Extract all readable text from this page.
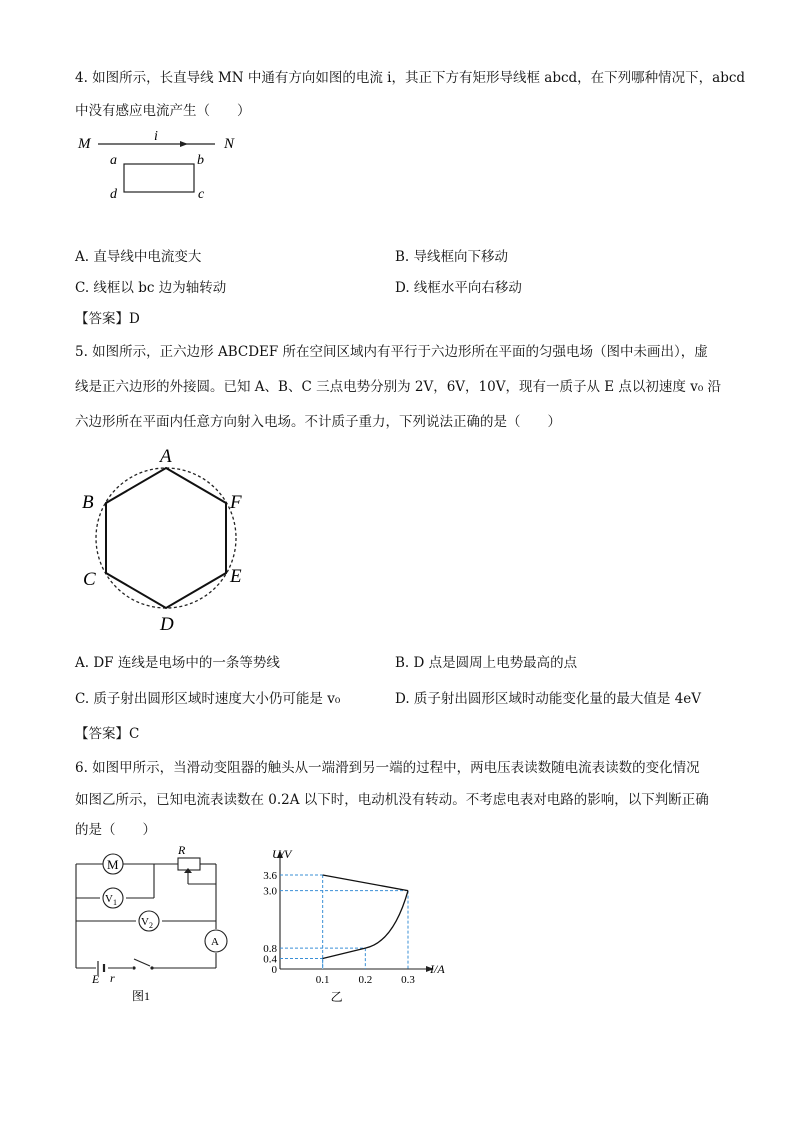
4. 如图所示，长直导线 MN 中通有方向如图的电流 i，其正下方有矩形导线框 abcd，在下列哪种情况下，abcd
中没有感应电流产生（　　）
M	i	N
a	b
d	c
A. 直导线中电流变大	B. 导线框向下移动
C. 线框以 bc 边为轴转动	D. 线框水平向右移动
【答案】D
5. 如图所示，正六边形 ABCDEF 所在空间区域内有平行于六边形所在平面的匀强电场（图中未画出），虚
线是正六边形的外接圆。已知 A、B、C 三点电势分别为 2V，6V，10V，现有一质子从 E 点以初速度 v₀ 沿
六边形所在平面内任意方向射入电场。不计质子重力，下列说法正确的是（　　）
A
B	F
C	E
D
A. DF 连线是电场中的一条等势线	B. D 点是圆周上电势最高的点
C. 质子射出圆形区域时速度大小仍可能是 v₀	D. 质子射出圆形区域时动能变化量的最大值是 4eV
【答案】C
6. 如图甲所示，当滑动变阻器的触头从一端滑到另一端的过程中，两电压表读数随电流表读数的变化情况
如图乙所示，已知电流表读数在 0.2A 以下时，电动机没有转动。不考虑电表对电路的影响，以下判断正确
的是（　　）
R
M
$V_1$
$V_2$
A
E r
图1
U/V
I/A
3.6
3.0
0.8
0.4
0
0.1	0.2	0.3
乙
